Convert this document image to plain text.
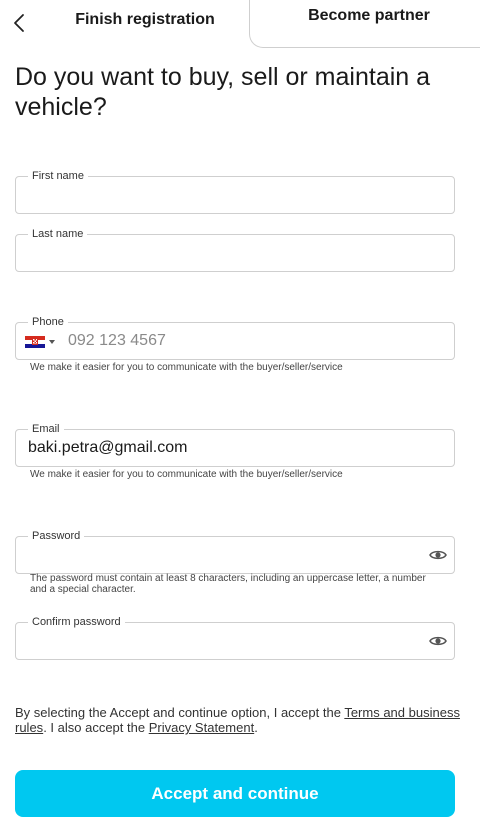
Finish registration	Become partner
Do you want to buy, sell or maintain a vehicle?
First name
Last name
Phone
092 123 4567
We make it easier for you to communicate with the buyer/seller/service
Email
baki.petra@gmail.com
We make it easier for you to communicate with the buyer/seller/service
Password
The password must contain at least 8 characters, including an uppercase letter, a number and a special character.
Confirm password
By selecting the Accept and continue option, I accept the Terms and business rules. I also accept the Privacy Statement.
Accept and continue
